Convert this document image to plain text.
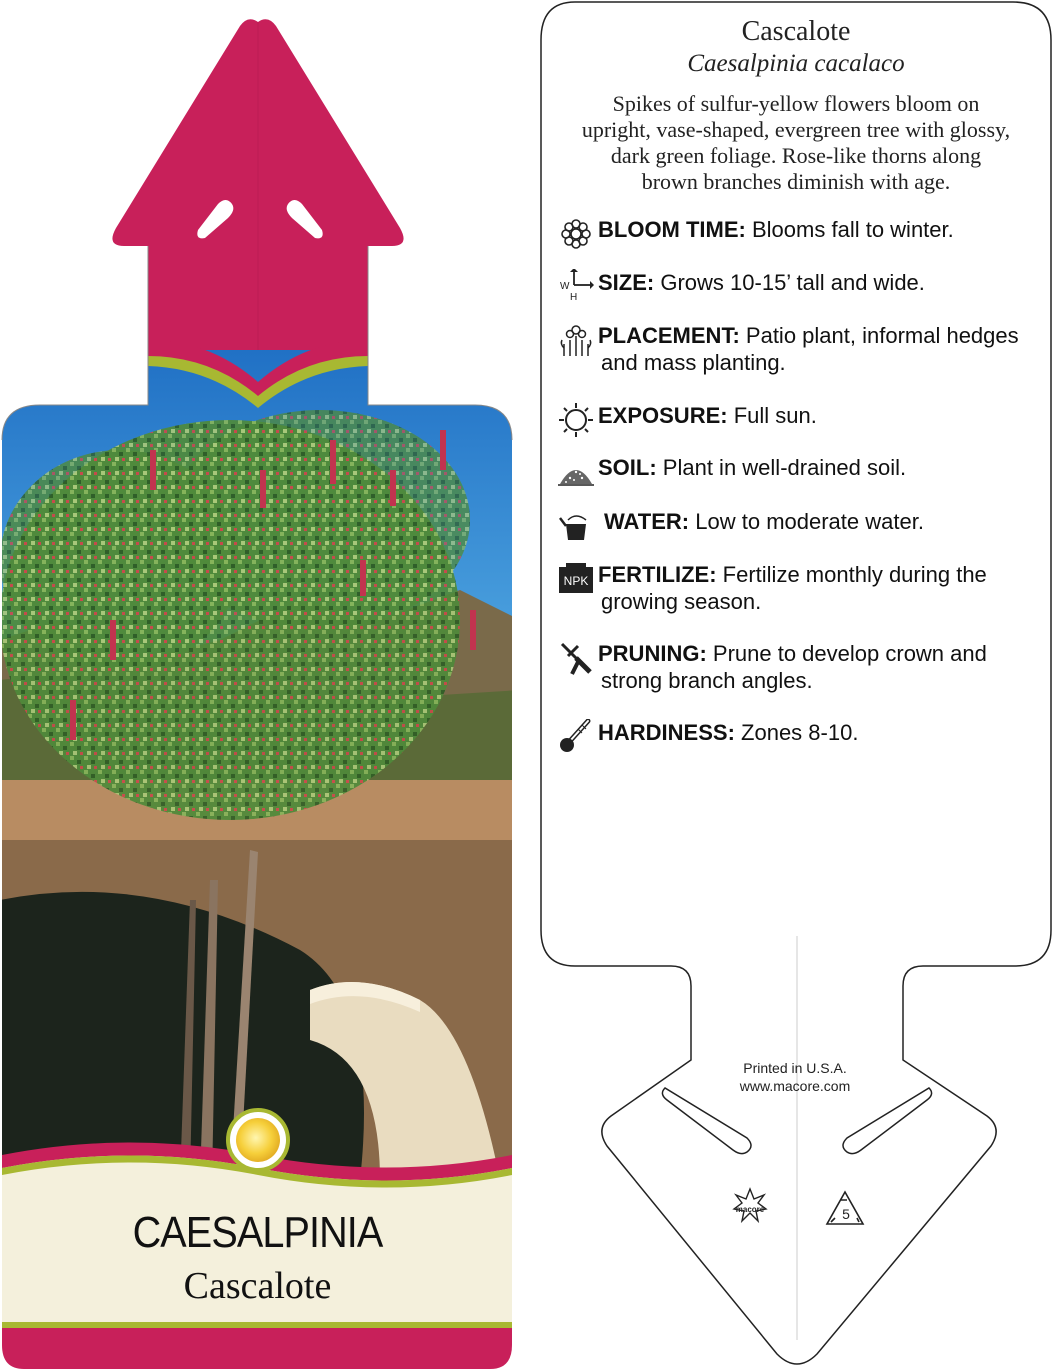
CAESALPINIA
Cascalote
Cascalote
Caesalpinia cacalaco
Spikes of sulfur-yellow flowers bloom on upright, vase-shaped, evergreen tree with glossy, dark green foliage. Rose-like thorns along brown branches diminish with age.
BLOOM TIME: Blooms fall to winter.
W
H
SIZE: Grows 10-15’ tall and wide.
PLACEMENT: Patio plant, informal hedges
and mass planting.
EXPOSURE: Full sun.
SOIL: Plant in well-drained soil.
WATER: Low to moderate water.
NPK FERTILIZE: Fertilize monthly during the
growing season.
PRUNING: Prune to develop crown and
strong branch angles.
HARDINESS: Zones 8-10.
Printed in U.S.A.
www.macore.com
macore	5
